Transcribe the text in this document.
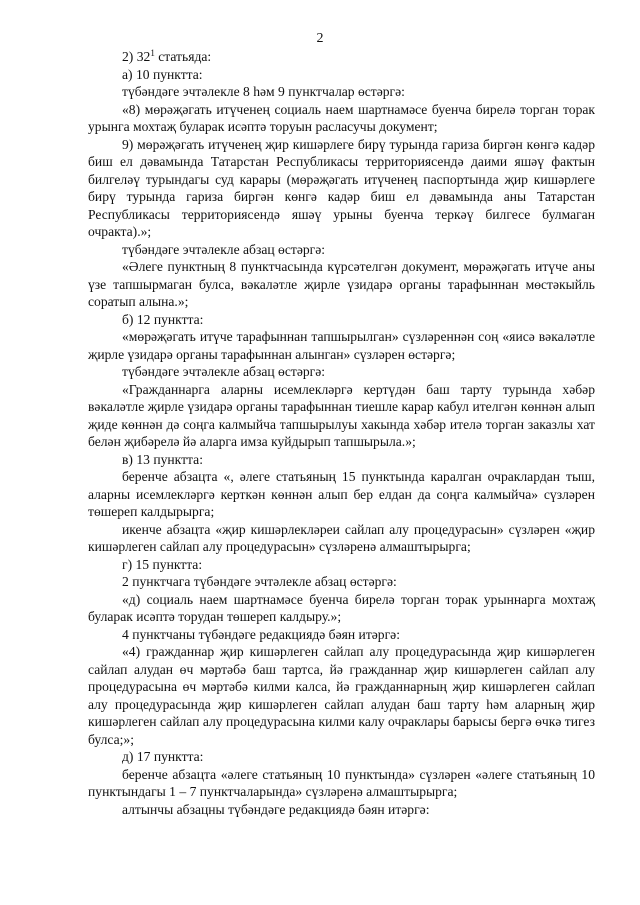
2

2) $32^1$ статьяда:

а) 10 пунктта:

түбәндәге эчтәлекле 8 һәм 9 пунктчалар өстәргә:

«8) мөрәҗәгать итүченең социаль наем шартнамәсе буенча бирелә торган торак урынга мохтаҗ буларак исәптә торуын расласучы документ;

9) мөрәҗәгать итүченең җир кишәрлеге бирү турында гариза биргән көнгә кадәр биш ел дәвамында Татарстан Республикасы территориясендә даими яшәү фактын билгеләү турындагы суд карары (мөрәҗәгать итүченең паспортында җир кишәрлеге бирү турында гариза биргән көнгә кадәр биш ел дәвамында аны Татарстан Республикасы территориясендә яшәү урыны буенча теркәү билгесе булмаган очракта).»;

түбәндәге эчтәлекле абзац өстәргә:

«Әлеге пунктның 8 пунктчасында күрсәтелгән документ, мөрәҗәгать итүче аны үзе тапшырмаган булса, вәкаләтле җирле үзидарә органы тарафыннан мөстәкыйль соратып алына.»;

б) 12 пунктта:

«мөрәҗәгать итүче тарафыннан тапшырылган» сүзләреннән соң «яисә вәкаләтле җирле үзидарә органы тарафыннан алынган» сүзләрен өстәргә;

түбәндәге эчтәлекле абзац өстәргә:

«Гражданнарга аларны исемлекләргә кертүдән баш тарту турында хәбәр вәкаләтле җирле үзидарә органы тарафыннан тиешле карар кабул ителгән көннән алып җиде көннән дә соңга калмыйча тапшырылуы хакында хәбәр ителә торган заказлы хат белән җибәрелә йә аларга имза куйдырып тапшырыла.»;

в) 13 пунктта:

беренче абзацта «, әлеге статьяның 15 пунктында каралган очраклардан тыш, аларны исемлекләргә керткән көннән алып бер елдан да соңга калмыйча» сүзләрен төшереп калдырырга;

икенче абзацта «җир кишәрлекләреи сайлап алу процедурасын» сүзләрен «җир кишәрлеген сайлап алу процедурасын» сүзләренә алмаштырырга;

г) 15 пунктта:

2 пунктчага түбәндәге эчтәлекле абзац өстәргә:

«д) социаль наем шартнамәсе буенча бирелә торган торак урыннарга мохтаҗ буларак исәптә торудан төшереп калдыру.»;

4 пунктчаны түбәндәге редакциядә бәян итәргә:

«4) гражданнар җир кишәрлеген сайлап алу процедурасында җир кишәрлеген сайлап алудан өч мәртәбә баш тартса, йә гражданнар җир кишәрлеген сайлап алу процедурасына өч мәртәбә килми калса, йә гражданнарның җир кишәрлеген сайлап алу процедурасында җир кишәрлеген сайлап алудан баш тарту һәм аларның җир кишәрлеген сайлап алу процедурасына килми калу очраклары барысы бергә өчкә тигез булса;»;

д) 17 пунктта:

беренче абзацта «әлеге статьяның 10 пунктында» сүзләрен «әлеге статьяның 10 пунктындагы 1 – 7 пунктчаларында» сүзләренә алмаштырырга;

алтынчы абзацны түбәндәге редакциядә бәян итәргә:
